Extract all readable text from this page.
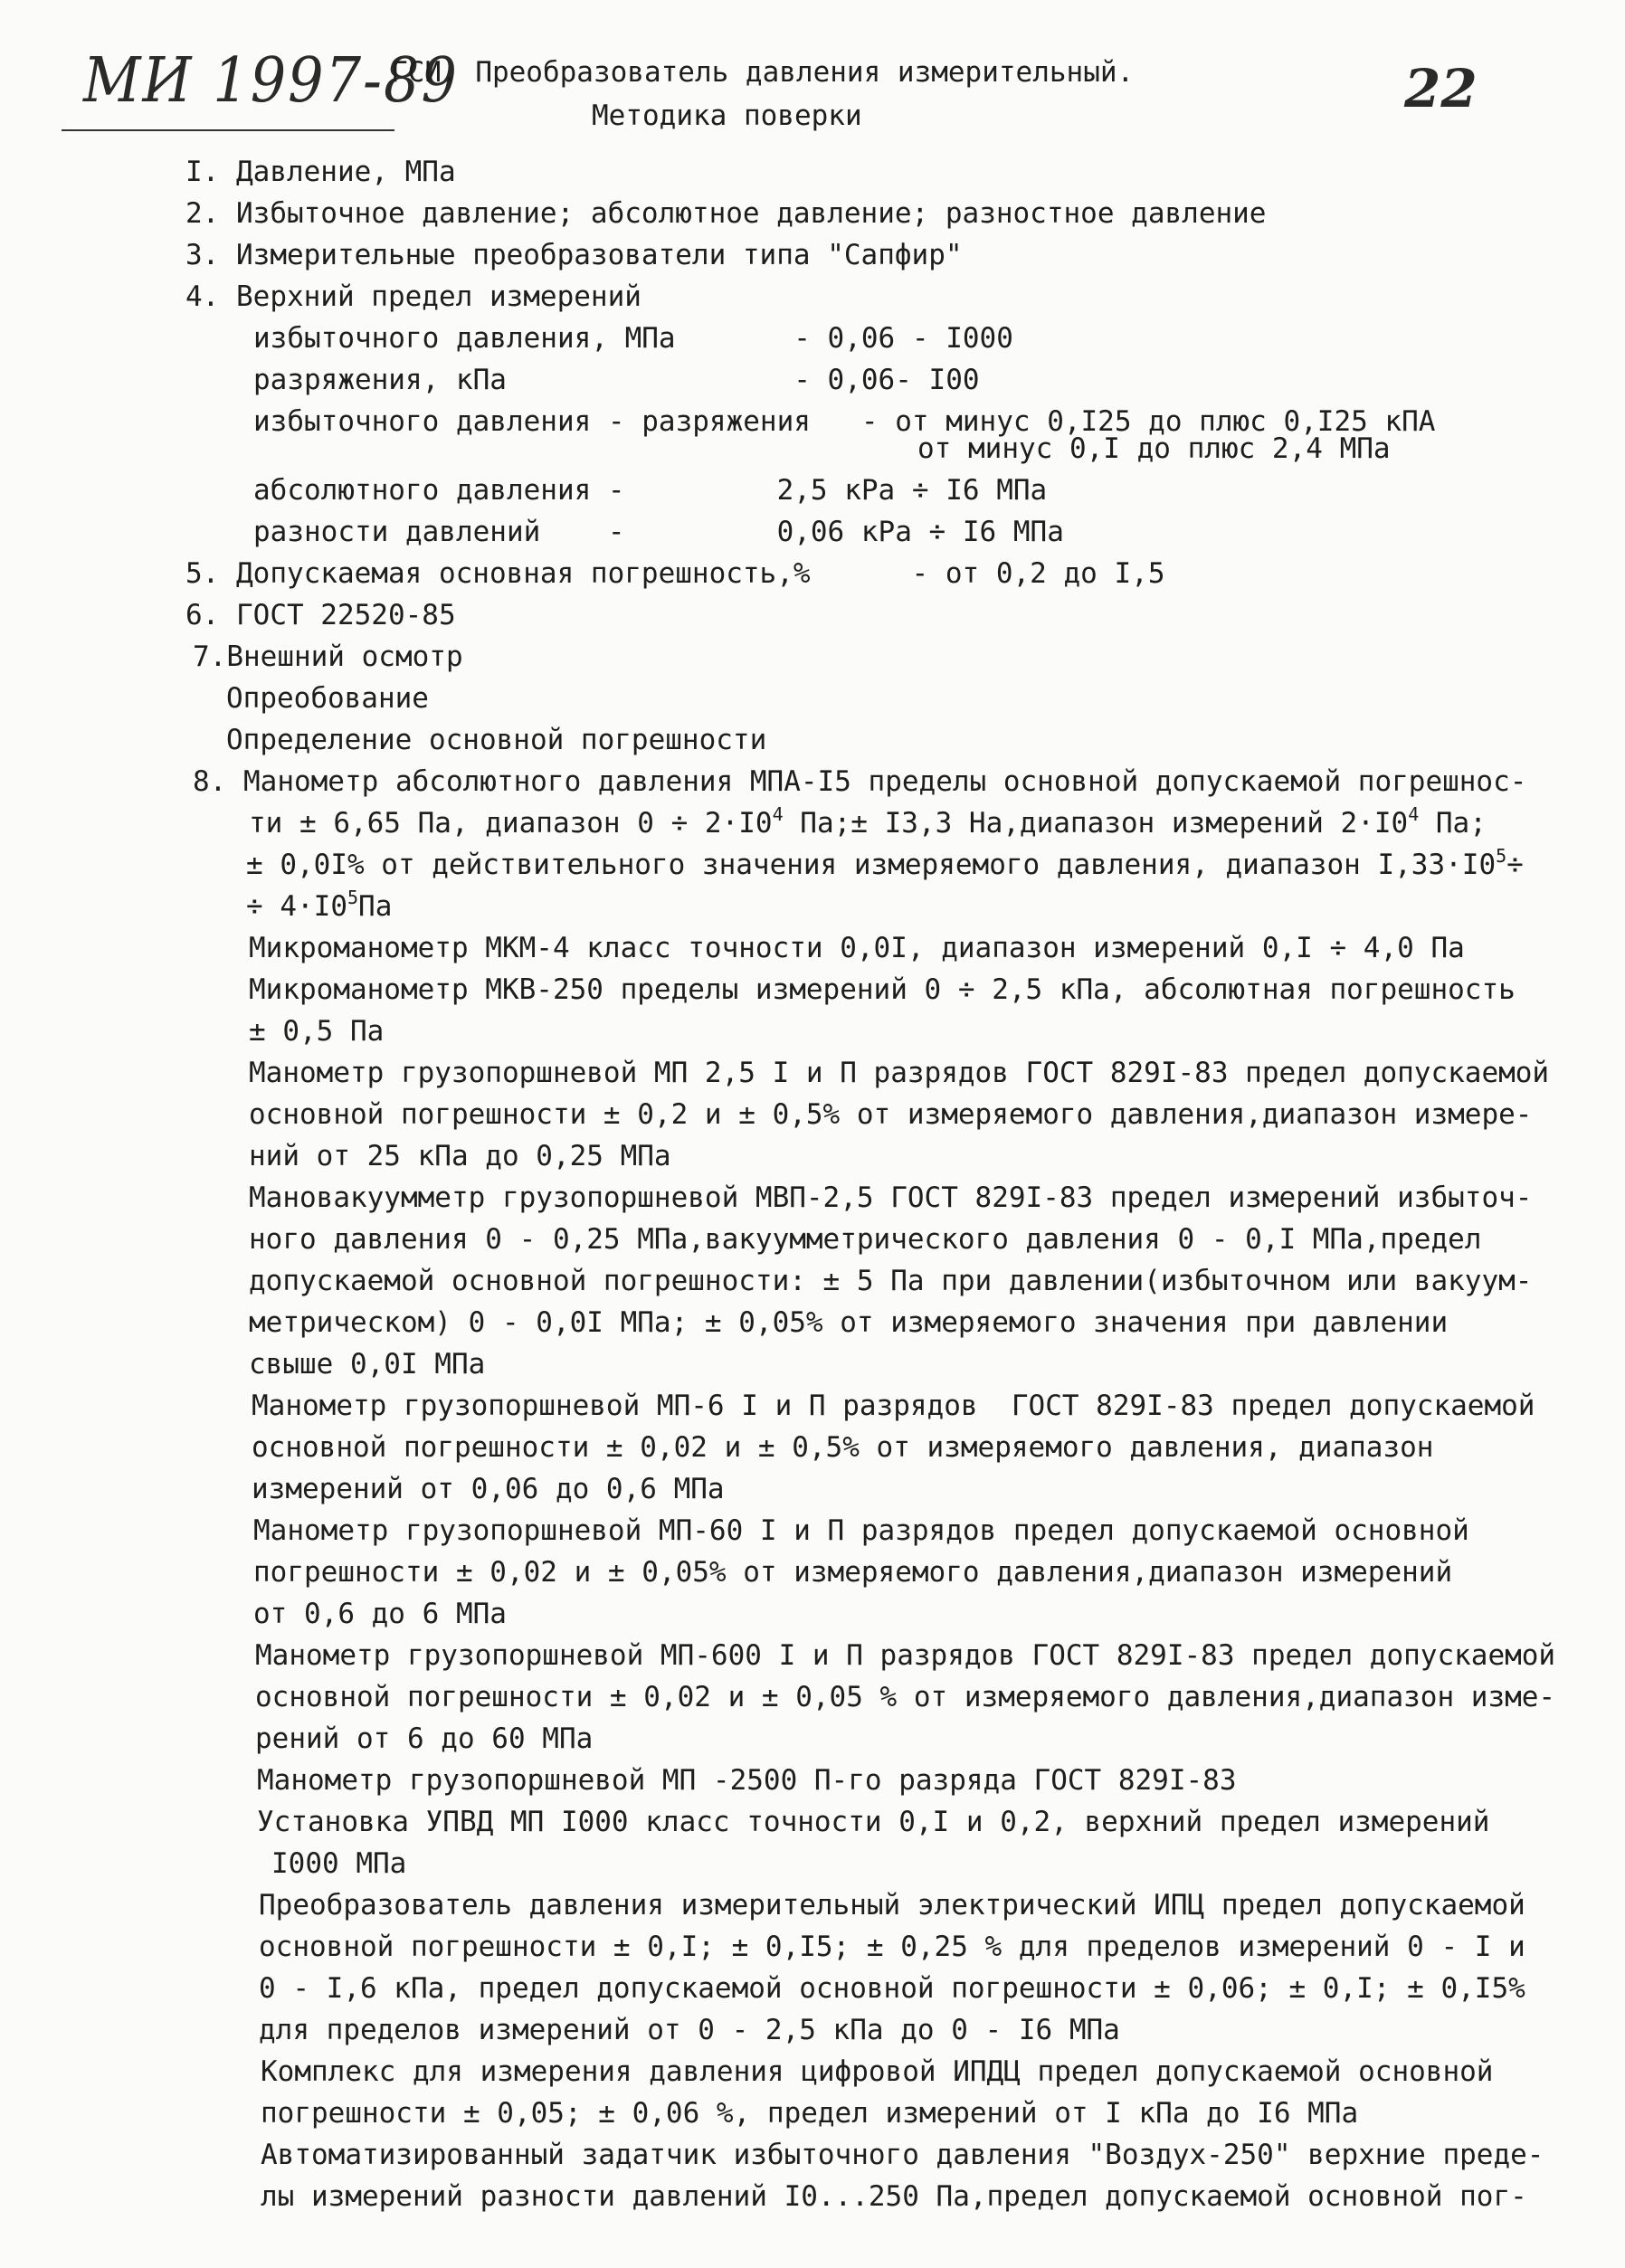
МИ 1997-89
ГСИ. Преобразователь давления измерительный.
Методика поверки	22
I. Давление, МПа
2. Избыточное давление; абсолютное давление; разностное давление
3. Измерительные преобразователи типа "Сапфир"
4. Верхний предел измерений
избыточного давления, МПа       - 0,06 - I000
разряжения, кПа                 - 0,06- I00
избыточного давления - разряжения   - от минус 0,I25 до плюс 0,I25 кПА
от минус 0,I до плюс 2,4 МПа
абсолютного давления -         2,5 кРа ÷ I6 МПа
разности давлений    -         0,06 кРа ÷ I6 МПа
5. Допускаемая основная погрешность,%      - от 0,2 до I,5
6. ГОСТ 22520-85
7.Внешний осмотр
Опреобование
Определение основной погрешности
8. Манометр абсолютного давления МПА-I5 пределы основной допускаемой погрешнос-
ти ± 6,65 Па, диапазон $0 \div 2\cdot I0^4$ Па;± I3,3 На,диапазон измерений $2\cdot I0^4$ Па;
± 0,0I% от действительного значения измеряемого давления, диапазон $I,33\cdot I0^5\div$
÷ $4\cdot I0^5Па$
Микроманометр МКМ-4 класс точности 0,0I, диапазон измерений 0,I ÷ 4,0 Па
Микроманометр МКВ-250 пределы измерений 0 ÷ 2,5 кПа, абсолютная погрешность
± 0,5 Па
Манометр грузопоршневой МП 2,5 I и П разрядов ГОСТ 829I-83 предел допускаемой
основной погрешности ± 0,2 и ± 0,5% от измеряемого давления,диапазон измере-
ний от 25 кПа до 0,25 МПа
Мановакуумметр грузопоршневой МВП-2,5 ГОСТ 829I-83 предел измерений избыточ-
ного давления 0 - 0,25 МПа,вакуумметрического давления 0 - 0,I МПа,предел
допускаемой основной погрешности: ± 5 Па при давлении(избыточном или вакуум-
метрическом) 0 - 0,0I МПа; ± 0,05% от измеряемого значения при давлении
свыше 0,0I МПа
Манометр грузопоршневой МП-6 I и П разрядов  ГОСТ 829I-83 предел допускаемой
основной погрешности ± 0,02 и ± 0,5% от измеряемого давления, диапазон
измерений от 0,06 до 0,6 МПа
Манометр грузопоршневой МП-60 I и П разрядов предел допускаемой основной
погрешности ± 0,02 и ± 0,05% от измеряемого давления,диапазон измерений
от 0,6 до 6 МПа
Манометр грузопоршневой МП-600 I и П разрядов ГОСТ 829I-83 предел допускаемой
основной погрешности ± 0,02 и ± 0,05 % от измеряемого давления,диапазон изме-
рений от 6 до 60 МПа
Манометр грузопоршневой МП -2500 П-го разряда ГОСТ 829I-83
Установка УПВД МП I000 класс точности 0,I и 0,2, верхний предел измерений
I000 МПа
Преобразователь давления измерительный электрический ИПЦ предел допускаемой
основной погрешности ± 0,I; ± 0,I5; ± 0,25 % для пределов измерений 0 - I и
0 - I,6 кПа, предел допускаемой основной погрешности ± 0,06; ± 0,I; ± 0,I5%
для пределов измерений от 0 - 2,5 кПа до 0 - I6 МПа
Комплекс для измерения давления цифровой ИПДЦ предел допускаемой основной
погрешности ± 0,05; ± 0,06 %, предел измерений от I кПа до I6 МПа
Автоматизированный задатчик избыточного давления "Воздух-250" верхние преде-
лы измерений разности давлений I0...250 Па,предел допускаемой основной пог-
